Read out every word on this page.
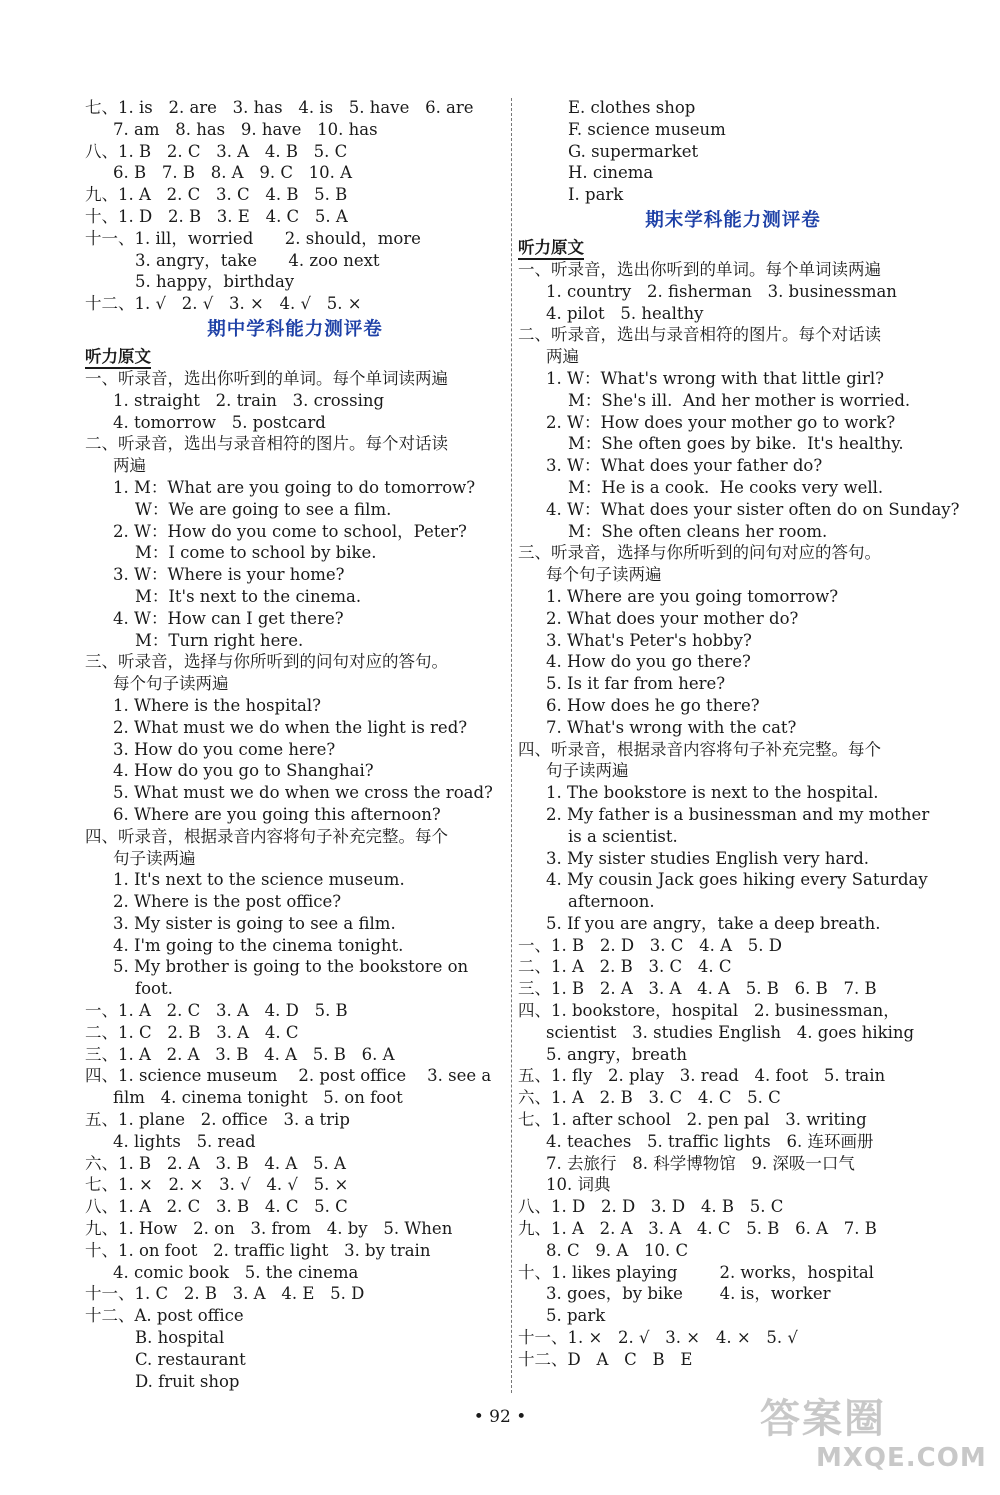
七、1. is   2. are   3. has   4. is   5. have   6. are
7. am   8. has   9. have   10. has
八、1. B   2. C   3. A   4. B   5. C
6. B   7. B   8. A   9. C   10. A
九、1. A   2. C   3. C   4. B   5. B
十、1. D   2. B   3. E   4. C   5. A
十一、1. ill，worried      2. should，more
3. angry，take      4. zoo next
5. happy，birthday
十二、1. √   2. √   3. ×   4. √   5. ×
期中学科能力测评卷
听力原文
一、听录音，选出你听到的单词。每个单词读两遍
1. straight   2. train   3. crossing
4. tomorrow   5. postcard
二、听录音，选出与录音相符的图片。每个对话读
两遍
1. M：What are you going to do tomorrow?
W：We are going to see a film.
2. W：How do you come to school，Peter?
M：I come to school by bike.
3. W：Where is your home?
M：It's next to the cinema.
4. W：How can I get there?
M：Turn right here.
三、听录音，选择与你所听到的问句对应的答句。
每个句子读两遍
1. Where is the hospital?
2. What must we do when the light is red?
3. How do you come here?
4. How do you go to Shanghai?
5. What must we do when we cross the road?
6. Where are you going this afternoon?
四、听录音，根据录音内容将句子补充完整。每个
句子读两遍
1. It's next to the science museum.
2. Where is the post office?
3. My sister is going to see a film.
4. I'm going to the cinema tonight.
5. My brother is going to the bookstore on
foot.
一、1. A   2. C   3. A   4. D   5. B
二、1. C   2. B   3. A   4. C
三、1. A   2. A   3. B   4. A   5. B   6. A
四、1. science museum    2. post office    3. see a
film   4. cinema tonight   5. on foot
五、1. plane   2. office   3. a trip
4. lights   5. read
六、1. B   2. A   3. B   4. A   5. A
七、1. ×   2. ×   3. √   4. √   5. ×
八、1. A   2. C   3. B   4. C   5. C
九、1. How   2. on   3. from   4. by   5. When
十、1. on foot   2. traffic light   3. by train
4. comic book   5. the cinema
十一、1. C   2. B   3. A   4. E   5. D
十二、A. post office
B. hospital
C. restaurant
D. fruit shop
E. clothes shop
F. science museum
G. supermarket
H. cinema
I. park
期末学科能力测评卷
听力原文
一、听录音，选出你听到的单词。每个单词读两遍
1. country   2. fisherman   3. businessman
4. pilot   5. healthy
二、听录音，选出与录音相符的图片。每个对话读
两遍
1. W：What's wrong with that little girl?
M：She's ill.  And her mother is worried.
2. W：How does your mother go to work?
M：She often goes by bike.  It's healthy.
3. W：What does your father do?
M：He is a cook.  He cooks very well.
4. W：What does your sister often do on Sunday?
M：She often cleans her room.
三、听录音，选择与你所听到的问句对应的答句。
每个句子读两遍
1. Where are you going tomorrow?
2. What does your mother do?
3. What's Peter's hobby?
4. How do you go there?
5. Is it far from here?
6. How does he go there?
7. What's wrong with the cat?
四、听录音，根据录音内容将句子补充完整。每个
句子读两遍
1. The bookstore is next to the hospital.
2. My father is a businessman and my mother
is a scientist.
3. My sister studies English very hard.
4. My cousin Jack goes hiking every Saturday
afternoon.
5. If you are angry，take a deep breath.
一、1. B   2. D   3. C   4. A   5. D
二、1. A   2. B   3. C   4. C
三、1. B   2. A   3. A   4. A   5. B   6. B   7. B
四、1. bookstore，hospital   2. businessman，
scientist   3. studies English   4. goes hiking
5. angry，breath
五、1. fly   2. play   3. read   4. foot   5. train
六、1. A   2. B   3. C   4. C   5. C
七、1. after school   2. pen pal   3. writing
4. teaches   5. traffic lights   6. 连环画册
7. 去旅行   8. 科学博物馆   9. 深吸一口气
10. 词典
八、1. D   2. D   3. D   4. B   5. C
九、1. A   2. A   3. A   4. C   5. B   6. A   7. B
8. C   9. A   10. C
十、1. likes playing        2. works，hospital
3. goes，by bike       4. is，worker
5. park
十一、1. ×   2. √   3. ×   4. ×   5. √
十二、D   A   C   B   E
• 92 •	答案圈
MXQE.COM
